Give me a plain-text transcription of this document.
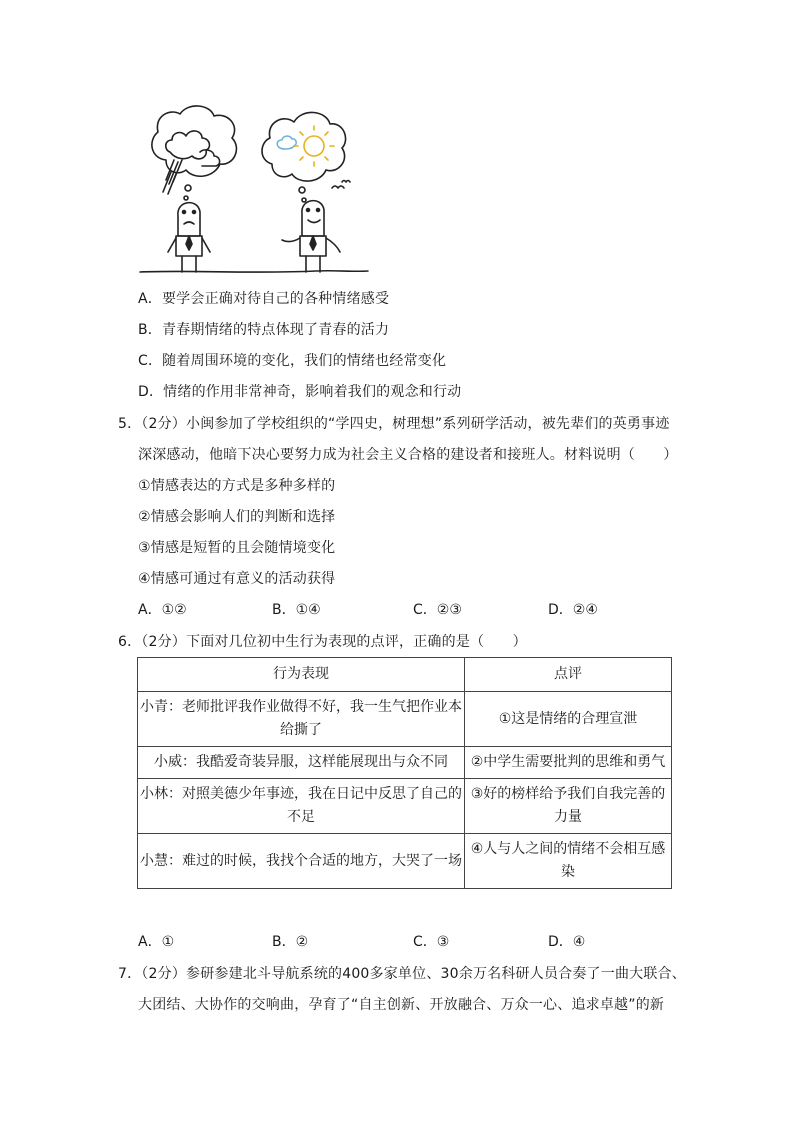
A．要学会正确对待自己的各种情绪感受
B．青春期情绪的特点体现了青春的活力
C．随着周围环境的变化，我们的情绪也经常变化
D．情绪的作用非常神奇，影响着我们的观念和行动
5．（2分）小闽参加了学校组织的“学四史，树理想”系列研学活动，被先辈们的英勇事迹
深深感动，他暗下决心要努力成为社会主义合格的建设者和接班人。材料说明（　　）
①情感表达的方式是多种多样的
②情感会影响人们的判断和选择
③情感是短暂的且会随情境变化
④情感可通过有意义的活动获得
A．①②	B．①④	C．②③	D．②④
6．（2分）下面对几位初中生行为表现的点评，正确的是（　　）
行为表现	点评
小青：老师批评我作业做得不好，我一生气把作业本给撕了	①这是情绪的合理宣泄
小威：我酷爱奇装异服，这样能展现出与众不同	②中学生需要批判的思维和勇气
小林：对照美德少年事迹，我在日记中反思了自己的不足	③好的榜样给予我们自我完善的力量
小慧：难过的时候，我找个合适的地方，大哭了一场	④人与人之间的情绪不会相互感染
A．①	B．②	C．③	D．④
7．（2分）参研参建北斗导航系统的400多家单位、30余万名科研人员合奏了一曲大联合、
大团结、大协作的交响曲，孕育了“自主创新、开放融合、万众一心、追求卓越”的新
